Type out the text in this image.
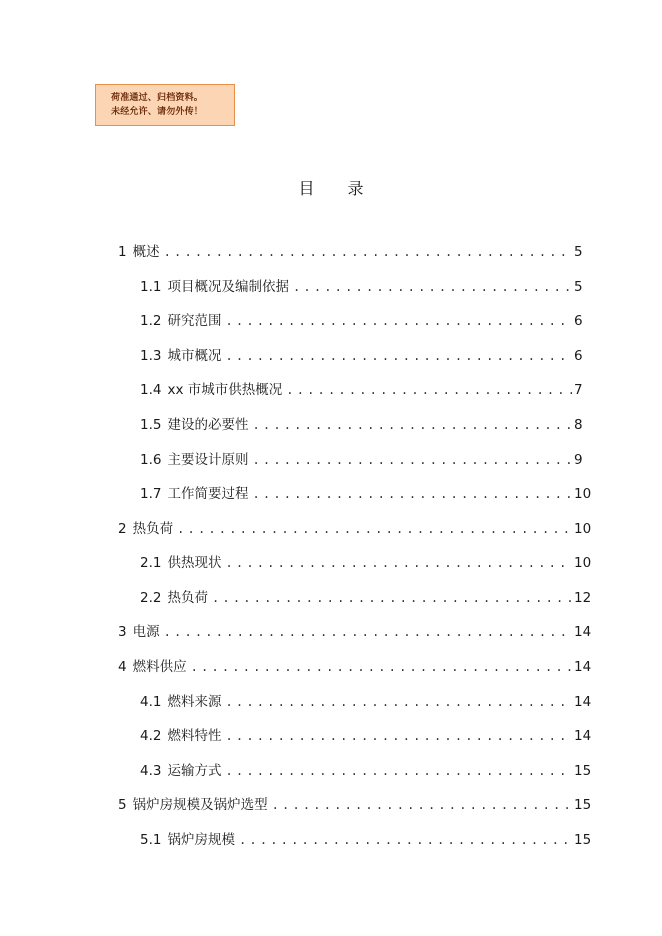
荷准通过、归档资料。
未经允许、请勿外传！
目 录
1 概述 .....	5
1.1 项目概况及编制依据 .....	5
1.2 研究范围 .....	6
1.3 城市概况 .....	6
1.4 xx 市城市供热概况 .....	7
1.5 建设的必要性 .....	8
1.6 主要设计原则 .....	9
1.7 工作简要过程 .....	10
2 热负荷 .....	10
2.1 供热现状 .....	10
2.2 热负荷 .....	12
3 电源 .....	14
4 燃料供应 .....	14
4.1 燃料来源 .....	14
4.2 燃料特性 .....	14
4.3 运输方式 .....	15
5 锅炉房规模及锅炉选型 .....	15
5.1 锅炉房规模 .....	15
